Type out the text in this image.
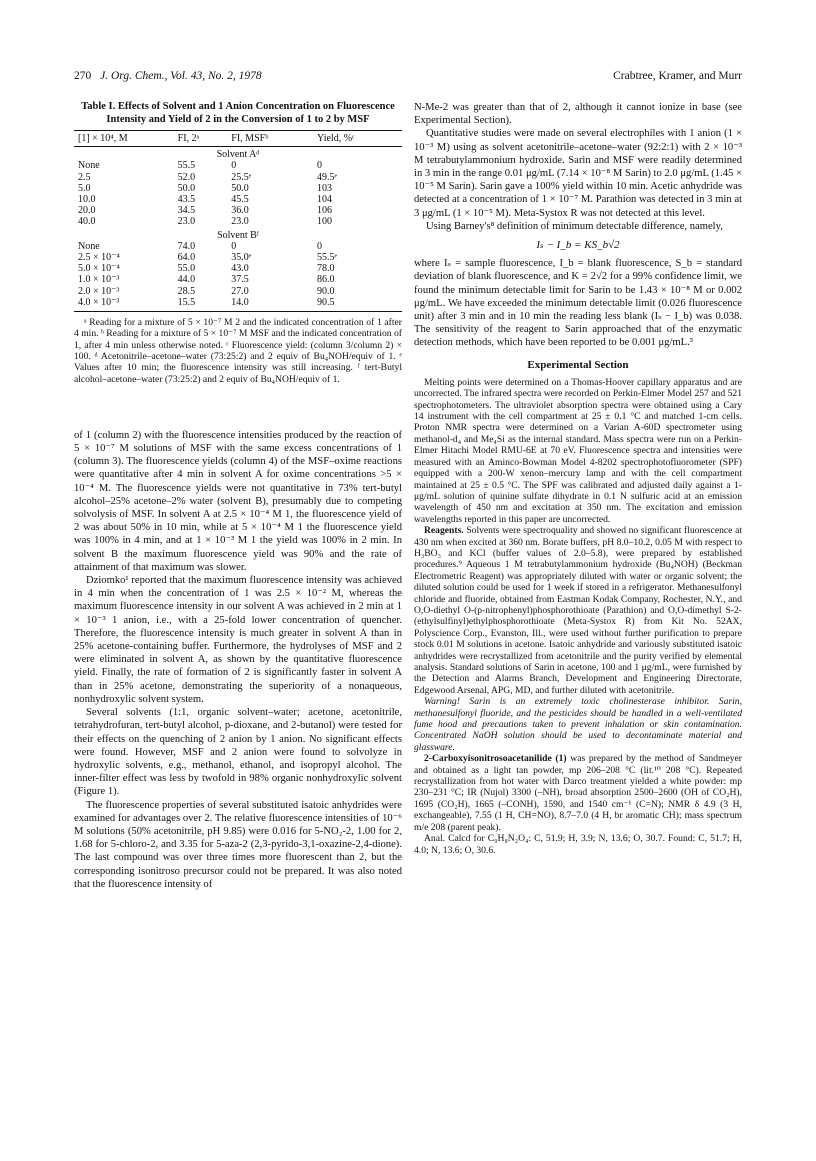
270 J. Org. Chem., Vol. 43, No. 2, 1978	Crabtree, Kramer, and Murr
Table I. Effects of Solvent and 1 Anion Concentration on Fluorescence Intensity and Yield of 2 in the Conversion of 1 to 2 by MSF
[1] × 10⁴, M	FI, 2ᵃ	FI, MSFᵇ	Yield, %ᶜ
Solvent Aᵈ			
None	55.5	0	0
2.5	52.0	25.5ᵉ	49.5ᵉ
5.0	50.0	50.0	103
10.0	43.5	45.5	104
20.0	34.5	36.0	106
40.0	23.0	23.0	100
Solvent Bᶠ			
None	74.0	0	0
2.5 × 10⁻⁴	64.0	35.0ᵉ	55.5ᵉ
5.0 × 10⁻⁴	55.0	43.0	78.0
1.0 × 10⁻³	44.0	37.5	86.0
2.0 × 10⁻³	28.5	27.0	90.0
4.0 × 10⁻³	15.5	14.0	90.5

ᵃ Reading for a mixture of 5 × 10⁻⁷ M 2 and the indicated concentration of 1 after 4 min. ᵇ Reading for a mixture of 5 × 10⁻⁷ M MSF and the indicated concentration of 1, after 4 min unless otherwise noted. ᶜ Fluorescence yield: (column 3/column 2) × 100. ᵈ Acetonitrile–acetone–water (73:25:2) and 2 equiv of Bu₄NOH/equiv of 1. ᵉ Values after 10 min; the fluorescence intensity was still increasing. ᶠ tert-Butyl alcohol–acetone–water (73:25:2) and 2 equiv of Bu₄NOH/equiv of 1.

of 1 (column 2) with the fluorescence intensities produced by the reaction of 5 × 10⁻⁷ M solutions of MSF with the same excess concentrations of 1 (column 3). The fluorescence yields (column 4) of the MSF–oxime reactions were quantitative after 4 min in solvent A for oxime concentrations >5 × 10⁻⁴ M. The fluorescence yields were not quantitative in 73% tert-butyl alcohol–25% acetone–2% water (solvent B), presumably due to competing solvolysis of MSF. In solvent A at 2.5 × 10⁻⁴ M 1, the fluorescence yield of 2 was about 50% in 10 min, while at 5 × 10⁻⁴ M 1 the fluorescence yield was 100% in 4 min, and at 1 × 10⁻³ M 1 the yield was 100% in 2 min. In solvent B the maximum fluorescence yield was 90% and the rate of attainment of that maximum was slower.

Dziomko¹ reported that the maximum fluorescence intensity was achieved in 4 min when the concentration of 1 was 2.5 × 10⁻² M, whereas the maximum fluorescence intensity in our solvent A was achieved in 2 min at 1 × 10⁻³ 1 anion, i.e., with a 25-fold lower concentration of quencher. Therefore, the fluorescence intensity is much greater in solvent A than in 25% acetone-containing buffer. Furthermore, the hydrolyses of MSF and 2 were eliminated in solvent A, as shown by the quantitative fluorescence yield. Finally, the rate of formation of 2 is significantly faster in solvent A than in 25% acetone, demonstrating the superiority of a nonaqueous, nonhydroxylic solvent system.

Several solvents (1:1, organic solvent–water; acetone, acetonitrile, tetrahydrofuran, tert-butyl alcohol, p-dioxane, and 2-butanol) were tested for their effects on the quenching of 2 anion by 1 anion. No significant effects were found. However, MSF and 2 anion were found to solvolyze in hydroxylic solvents, e.g., methanol, ethanol, and isopropyl alcohol. The inner-filter effect was less by twofold in 98% organic nonhydroxylic solvent (Figure 1).

The fluorescence properties of several substituted isatoic anhydrides were examined for advantages over 2. The relative fluorescence intensities of 10⁻⁶ M solutions (50% acetonitrile, pH 9.85) were 0.016 for 5-NO₂-2, 1.00 for 2, 1.68 for 5-chloro-2, and 3.35 for 5-aza-2 (2,3-pyrido-3,1-oxazine-2,4-dione). The last compound was over three times more fluorescent than 2, but the corresponding isonitroso precursor could not be prepared. It was also noted that the fluorescence intensity of

N-Me-2 was greater than that of 2, although it cannot ionize in base (see Experimental Section).

Quantitative studies were made on several electrophiles with 1 anion (1 × 10⁻³ M) using as solvent acetonitrile–acetone–water (92:2:1) with 2 × 10⁻³ M tetrabutylammonium hydroxide. Sarin and MSF were readily determined in 3 min in the range 0.01 μg/mL (7.14 × 10⁻⁸ M Sarin) to 2.0 μg/mL (1.45 × 10⁻⁵ M Sarin). Sarin gave a 100% yield within 10 min. Acetic anhydride was detected at a concentration of 1 × 10⁻⁷ M. Parathion was detected in 3 min at 3 μg/mL (1 × 10⁻⁵ M). Meta-Systox R was not detected at this level.

Using Barney's⁸ definition of minimum detectable difference, namely,

Iₛ − I_b = KS_b√2

where Iₛ = sample fluorescence, I_b = blank fluorescence, S_b = standard deviation of blank fluorescence, and K = 2√2 for a 99% confidence limit, we found the minimum detectable limit for Sarin to be 1.43 × 10⁻⁸ M or 0.002 μg/mL. We have exceeded the minimum detectable limit (0.026 fluorescence unit) after 3 min and in 10 min the reading less blank (Iₛ − I_b) was 0.038. The sensitivity of the reagent to Sarin approached that of the enzymatic detection methods, which have been reported to be 0.001 μg/mL.³

Experimental Section

Melting points were determined on a Thomas-Hoover capillary apparatus and are uncorrected. The infrared spectra were recorded on Perkin-Elmer Model 257 and 521 spectrophotometers. The ultraviolet absorption spectra were obtained using a Cary 14 instrument with the cell compartment at 25 ± 0.1 °C and matched 1-cm cells. Proton NMR spectra were determined on a Varian A-60D spectrometer using methanol-d₄ and Me₄Si as the internal standard. Mass spectra were run on a Perkin-Elmer Hitachi Model RMU-6E at 70 eV. Fluorescence spectra and intensities were measured with an Aminco-Bowman Model 4-8202 spectrophotofluorometer (SPF) equipped with a 200-W xenon–mercury lamp and with the cell compartment maintained at 25 ± 0.5 °C. The SPF was calibrated and adjusted daily against a 1-μg/mL solution of quinine sulfate dihydrate in 0.1 N sulfuric acid at an emission wavelength of 450 nm and excitation at 350 nm. The excitation and emission wavelengths reported in this paper are uncorrected.

Reagents. Solvents were spectroquality and showed no significant fluorescence at 430 nm when excited at 360 nm. Borate buffers, pH 8.0–10.2, 0.05 M with respect to H₃BO₃ and KCl (buffer values of 2.0–5.8), were prepared by established procedures.⁹ Aqueous 1 M tetrabutylammonium hydroxide (Bu₄NOH) (Beckman Electrometric Reagent) was appropriately diluted with water or organic solvent; the diluted solution could be used for 1 week if stored in a refrigerator. Methanesulfonyl chloride and fluoride, obtained from Eastman Kodak Company, Rochester, N.Y., and O,O-diethyl O-(p-nitrophenyl)phosphorothioate (Parathion) and O,O-dimethyl S-2-(ethylsulfinyl)ethylphosphorothioate (Meta-Systox R) from Kit No. 52AX, Polyscience Corp., Evanston, Ill., were used without further purification to prepare stock 0.01 M solutions in acetone. Isatoic anhydride and variously substituted isatoic anhydrides were recrystallized from acetonitrile and the purity verified by elemental analysis. Standard solutions of Sarin in acetone, 100 and 1 μg/mL, were furnished by the Detection and Alarms Branch, Development and Engineering Directorate, Edgewood Arsenal, APG, MD, and further diluted with acetonitrile.

Warning! Sarin is an extremely toxic cholinesterase inhibitor. Sarin, methanesulfonyl fluoride, and the pesticides should be handled in a well-ventilated fume hood and precautions taken to prevent inhalation or skin contamination. Concentrated NaOH solution should be used to decontaminate material and glassware.

2-Carboxyisonitrosoacetanilide (1) was prepared by the method of Sandmeyer and obtained as a light tan powder, mp 206–208 °C (lit.¹⁰ 208 °C). Repeated recrystallization from hot water with Darco treatment yielded a white powder: mp 230–231 °C; IR (Nujol) 3300 (–NH), broad absorption 2500–2600 (OH of CO₂H), 1695 (CO₂H), 1665 (–CONH), 1590, and 1540 cm⁻¹ (C=N); NMR δ 4.9 (3 H, exchangeable), 7.55 (1 H, CH=NO), 8.7–7.0 (4 H, br aromatic CH); mass spectrum m/e 208 (parent peak).

Anal. Calcd for C₉H₈N₂O₄: C, 51.9; H, 3.9; N, 13.6; O, 30.7. Found: C, 51.7; H, 4.0; N, 13.6; O, 30.6.
